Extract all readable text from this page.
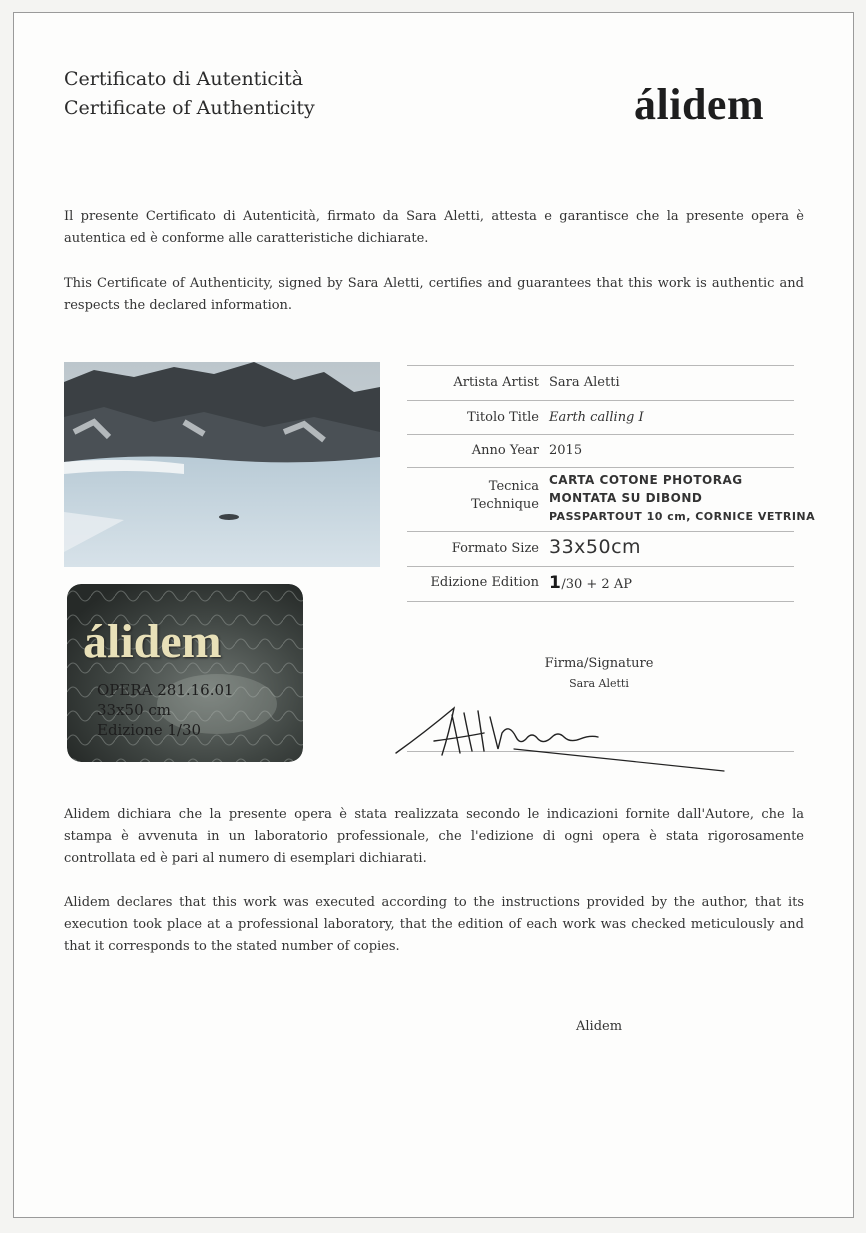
Certificato di Autenticità
Certificate of Authenticity	álidem
Il presente Certificato di Autenticità, firmato da Sara Aletti, attesta e garantisce che la presente opera è autentica ed è conforme alle caratteristiche dichiarate.
This Certificate of Authenticity, signed by Sara Aletti, certifies and guarantees that this work is authentic and respects the declared information.
álidem
OPERA 281.16.01
33x50 cm
Edizione 1/30
Artista Artist Sara Aletti
Titolo Title Earth calling I
Anno Year 2015
Tecnica
Technique
CARTA COTONE PHOTORAG
MONTATA SU DIBOND
PASSPARTOUT 10 cm, CORNICE VETRINA
Formato Size 33x50cm
Edizione Edition 1/30 + 2 AP
Firma/Signature
Sara Aletti
Alidem dichiara che la presente opera è stata realizzata secondo le indicazioni fornite dall'Autore, che la stampa è avvenuta in un laboratorio professionale, che l'edizione di ogni opera è stata rigorosamente controllata ed è pari al numero di esemplari dichiarati.
Alidem declares that this work was executed according to the instructions provided by the author, that its execution took place at a professional laboratory, that the edition of each work was checked meticulously and that it corresponds to the stated number of copies.
Alidem
